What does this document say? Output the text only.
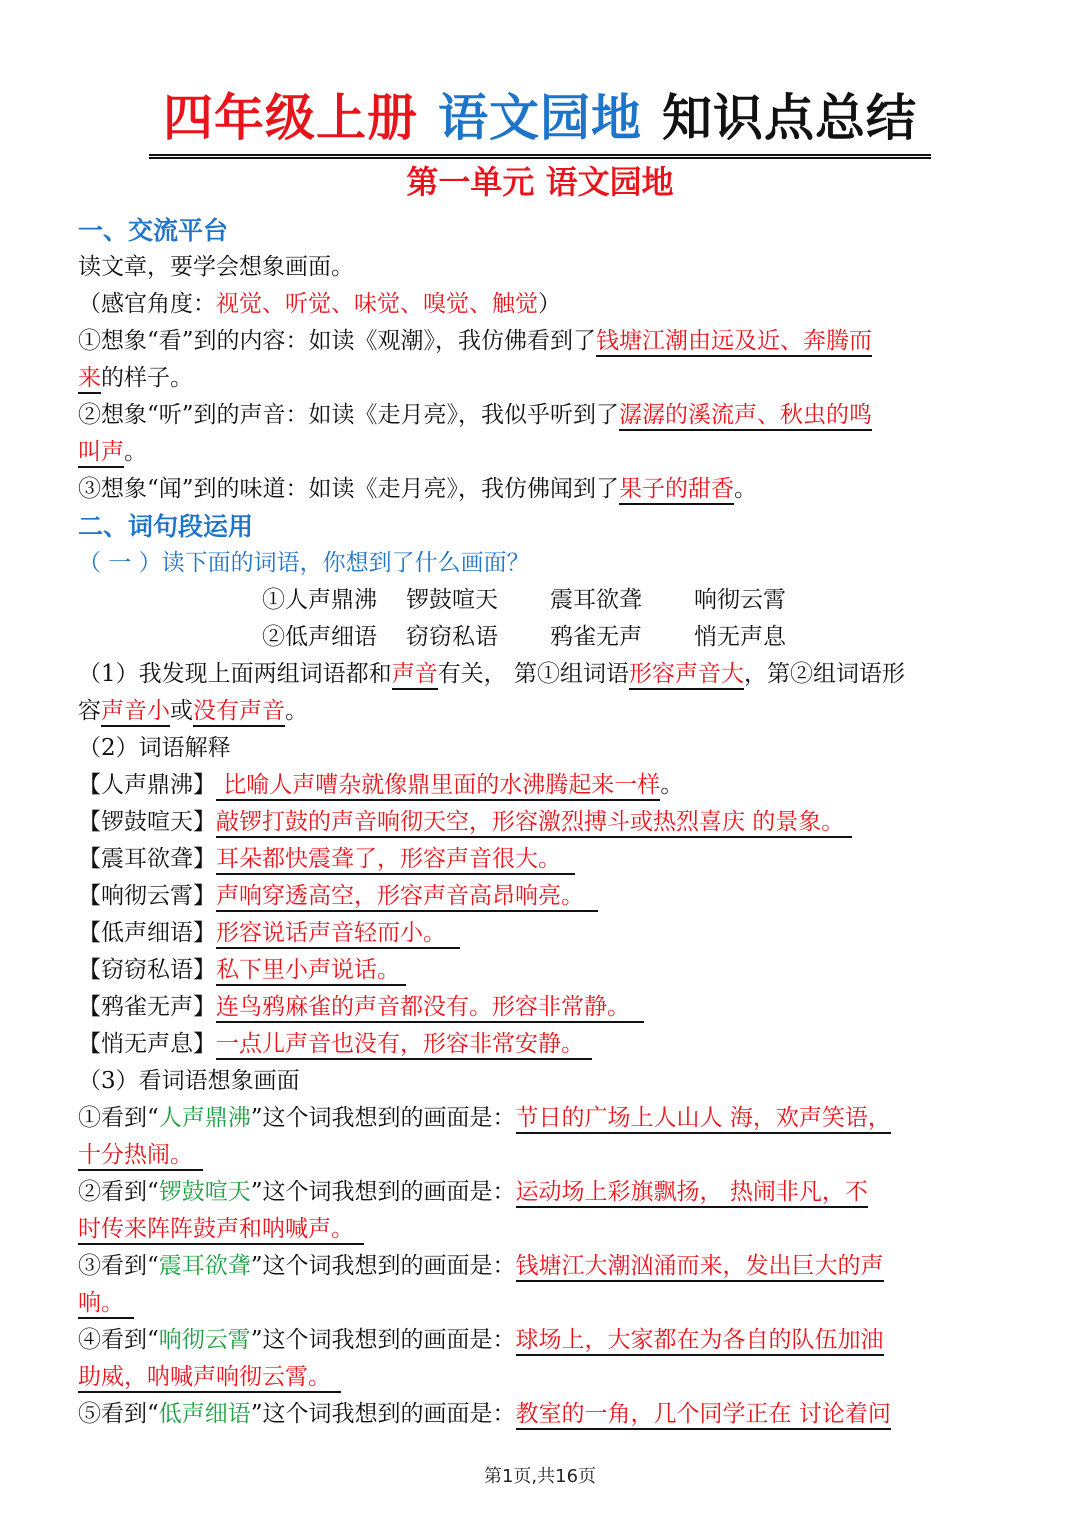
四年级上册 语文园地 知识点总结
第一单元 语文园地
一、交流平台
读文章，要学会想象画面。
（感官角度：视觉、听觉、味觉、嗅觉、触觉）
①想象“看”到的内容：如读《观潮》，我仿佛看到了钱塘江潮由远及近、奔腾而
来的样子。
②想象“听”到的声音：如读《走月亮》，我似乎听到了潺潺的溪流声、秋虫的鸣
叫声。
③想象“闻”到的味道：如读《走月亮》，我仿佛闻到了果子的甜香。
二、词句段运用
（ 一 ）读下面的词语，你想到了什么画面？
①人声鼎沸 锣鼓喧天 震耳欲聋 响彻云霄
②低声细语 窃窃私语 鸦雀无声 悄无声息
（1）我发现上面两组词语都和声音有关， 第①组词语形容声音大，第②组词语形
容声音小或没有声音。
（2）词语解释
【人声鼎沸】 比喻人声嘈杂就像鼎里面的水沸腾起来一样。
【锣鼓喧天】敲锣打鼓的声音响彻天空，形容激烈搏斗或热烈喜庆 的景象。
【震耳欲聋】耳朵都快震聋了，形容声音很大。
【响彻云霄】声响穿透高空，形容声音高昂响亮。
【低声细语】形容说话声音轻而小。
【窃窃私语】私下里小声说话。
【鸦雀无声】连鸟鸦麻雀的声音都没有。形容非常静。
【悄无声息】一点儿声音也没有，形容非常安静。
（3）看词语想象画面
①看到“人声鼎沸”这个词我想到的画面是：节日的广场上人山人 海，欢声笑语，
十分热闹。
②看到“锣鼓喧天”这个词我想到的画面是：运动场上彩旗飘扬， 热闹非凡，不
时传来阵阵鼓声和呐喊声。
③看到“震耳欲聋”这个词我想到的画面是：钱塘江大潮汹涌而来，发出巨大的声
响。
④看到“响彻云霄”这个词我想到的画面是：球场上，大家都在为各自的队伍加油
助威，呐喊声响彻云霄。
⑤看到“低声细语”这个词我想到的画面是：教室的一角，几个同学正在 讨论着问
第1页,共16页
